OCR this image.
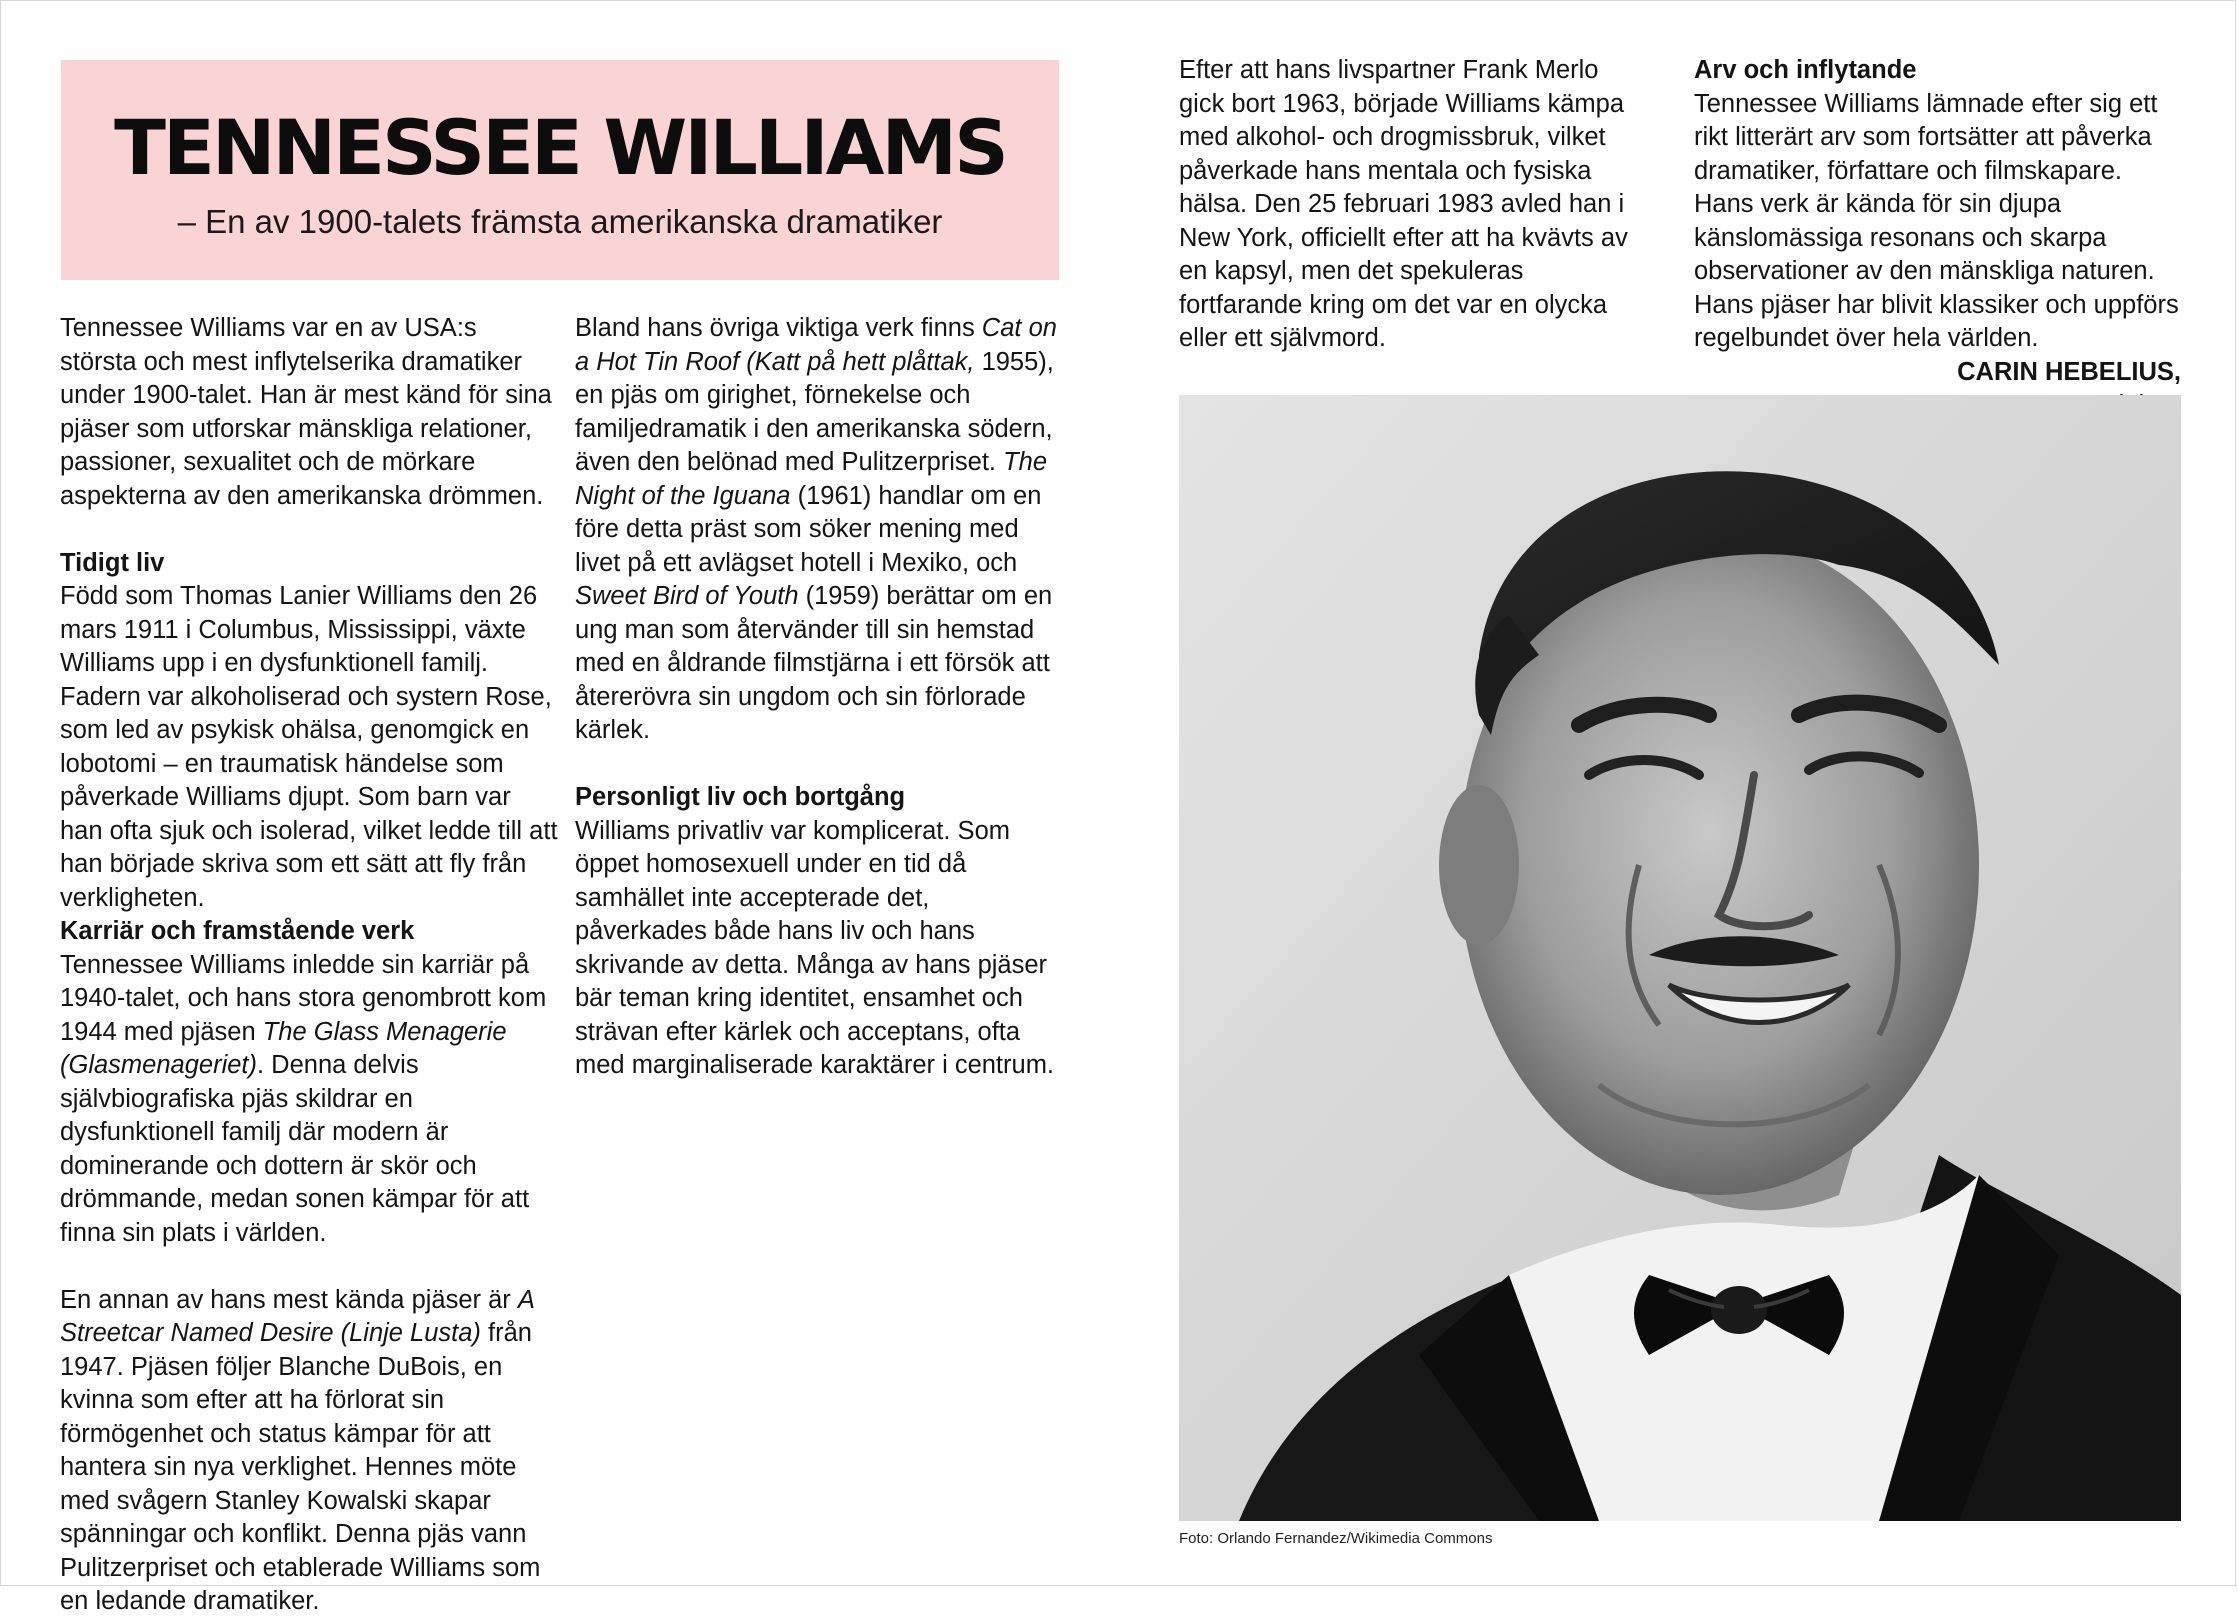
TENNESSEE WILLIAMS

– En av 1900-talets främsta amerikanska dramatiker

Tennessee Williams var en av USA:s största och mest inflytelserika dramatiker under 1900-talet. Han är mest känd för sina pjäser som utforskar mänskliga relationer, passioner, sexualitet och de mörkare aspekterna av den amerikanska drömmen.

Tidigt liv

Född som Thomas Lanier Williams den 26 mars 1911 i Columbus, Mississippi, växte Williams upp i en dysfunktionell familj. Fadern var alkoholiserad och systern Rose, som led av psykisk ohälsa, genomgick en lobotomi – en traumatisk händelse som påverkade Williams djupt. Som barn var han ofta sjuk och isolerad, vilket ledde till att han började skriva som ett sätt att fly från verkligheten.

Karriär och framstående verk

Tennessee Williams inledde sin karriär på 1940-talet, och hans stora genombrott kom 1944 med pjäsen The Glass Menagerie (Glasmenageriet). Denna delvis självbiografiska pjäs skildrar en dysfunktionell familj där modern är dominerande och dottern är skör och drömmande, medan sonen kämpar för att finna sin plats i världen.

En annan av hans mest kända pjäser är A Streetcar Named Desire (Linje Lusta) från 1947. Pjäsen följer Blanche DuBois, en kvinna som efter att ha förlorat sin förmögenhet och status kämpar för att hantera sin nya verklighet. Hennes möte med svågern Stanley Kowalski skapar spänningar och konflikt. Denna pjäs vann Pulitzerpriset och etablerade Williams som en ledande dramatiker.

Bland hans övriga viktiga verk finns Cat on a Hot Tin Roof (Katt på hett plåttak, 1955), en pjäs om girighet, förnekelse och familjedramatik i den amerikanska södern, även den belönad med Pulitzerpriset. The Night of the Iguana (1961) handlar om en före detta präst som söker mening med livet på ett avlägset hotell i Mexiko, och Sweet Bird of Youth (1959) berättar om en ung man som återvänder till sin hemstad med en åldrande filmstjärna i ett försök att återerövra sin ungdom och sin förlorade kärlek.

Personligt liv och bortgång

Williams privatliv var komplicerat. Som öppet homosexuell under en tid då samhället inte accepterade det, påverkades både hans liv och hans skrivande av detta. Många av hans pjäser bär teman kring identitet, ensamhet och strävan efter kärlek och acceptans, ofta med marginaliserade karaktärer i centrum.

Efter att hans livspartner Frank Merlo gick bort 1963, började Williams kämpa med alkohol- och drogmissbruk, vilket påverkade hans mentala och fysiska hälsa. Den 25 februari 1983 avled han i New York, officiellt efter att ha kvävts av en kapsyl, men det spekuleras fortfarande kring om det var en olycka eller ett självmord.

Arv och inflytande

Tennessee Williams lämnade efter sig ett rikt litterärt arv som fortsätter att påverka dramatiker, författare och filmskapare. Hans verk är kända för sin djupa känslomässiga resonans och skarpa observationer av den mänskliga naturen. Hans pjäser har blivit klassiker och uppförs regelbundet över hela världen.

CARIN HEBELIUS,

Foto: Orlando Fernandez/Wikimedia Commons
